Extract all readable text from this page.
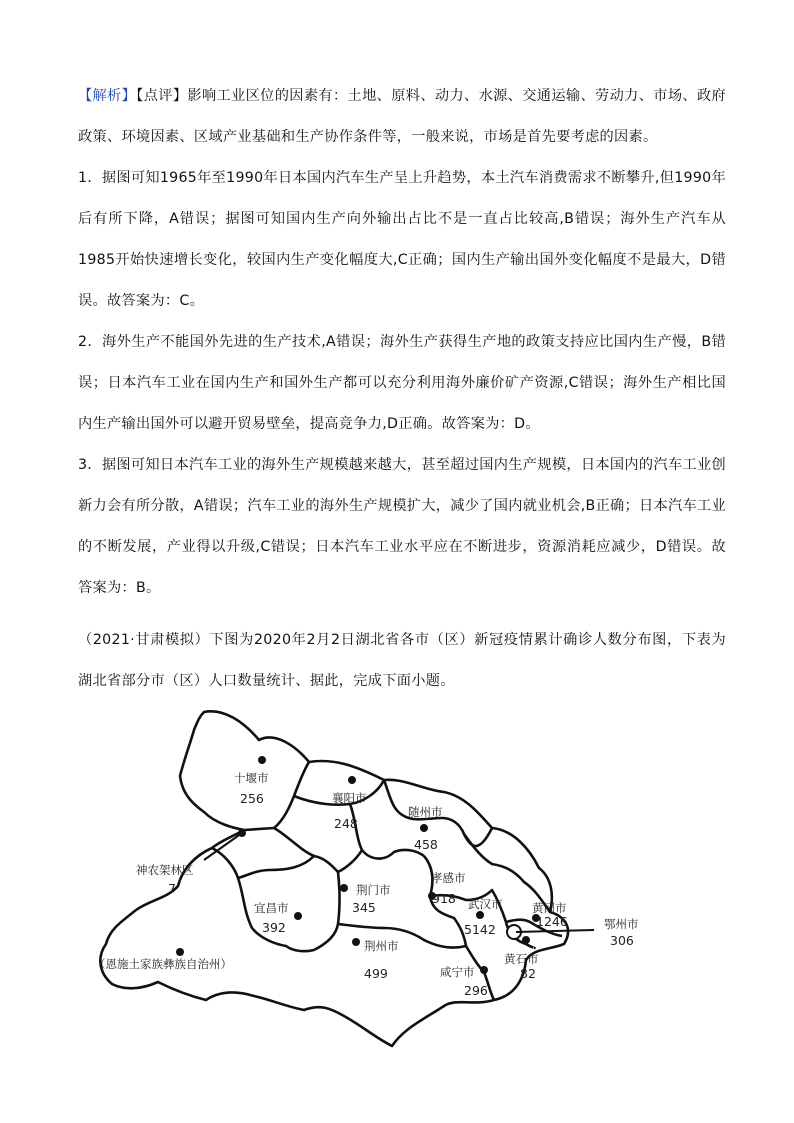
【解析】【点评】影响工业区位的因素有：土地、原料、动力、水源、交通运输、劳动力、市场、政府政策、环境因素、区域产业基础和生产协作条件等，一般来说，市场是首先要考虑的因素。
1．据图可知1965年至1990年日本国内汽车生产呈上升趋势，本土汽车消费需求不断攀升,但1990年后有所下降，A错误；据图可知国内生产向外输出占比不是一直占比较高,B错误；海外生产汽车从1985开始快速增长变化，较国内生产变化幅度大,C正确；国内生产输出国外变化幅度不是最大，D错误。故答案为：C。
2．海外生产不能国外先进的生产技术,A错误；海外生产获得生产地的政策支持应比国内生产慢，B错误；日本汽车工业在国内生产和国外生产都可以充分利用海外廉价矿产资源,C错误；海外生产相比国内生产输出国外可以避开贸易壁垒，提高竞争力,D正确。故答案为：D。
3．据图可知日本汽车工业的海外生产规模越来越大，甚至超过国内生产规模，日本国内的汽车工业创新力会有所分散，A错误；汽车工业的海外生产规模扩大，减少了国内就业机会,B正确；日本汽车工业的不断发展，产业得以升级,C错误；日本汽车工业水平应在不断进步，资源消耗应减少，D错误。故答案为：B。
（2021·甘肃模拟）下图为2020年2月2日湖北省各市（区）新冠疫情累计确诊人数分布图，下表为湖北省部分市（区）人口数量统计、据此，完成下面小题。
十堰市
256	襄阳市
248
随州市
458
神农架林区
7	荆门市
345
孝感市
918
宜昌市
392
武汉市
5142
黄冈市
1246
荆州市
499
鄂州市
306
黄石市
82
咸宁市
296
（恩施土家族彝族自治州）
